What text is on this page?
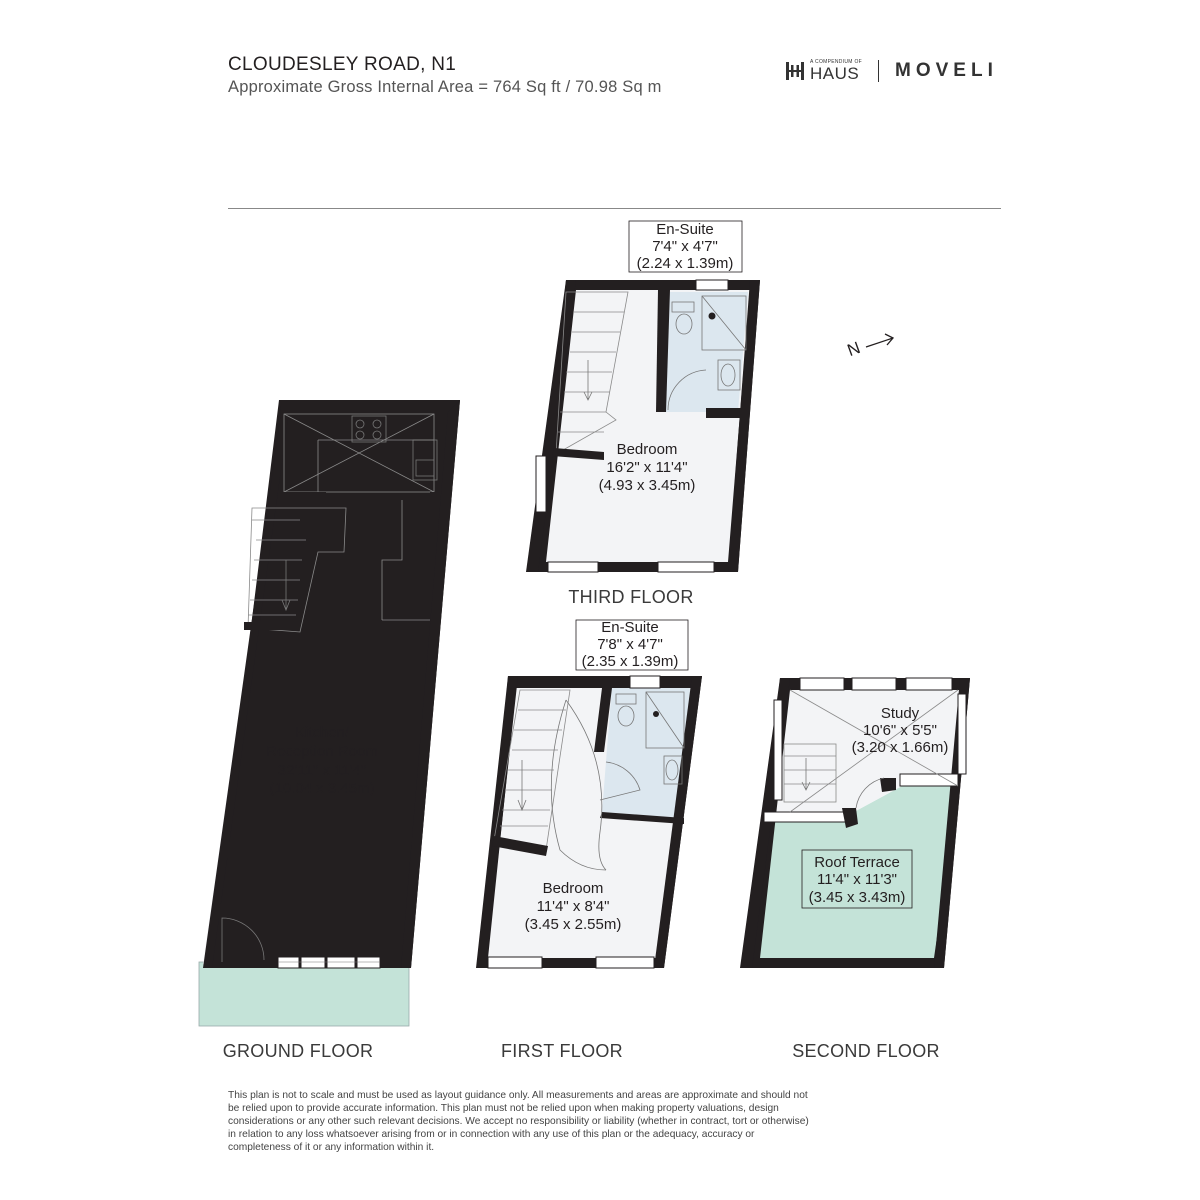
CLOUDESLEY ROAD, N1
Approximate Gross Internal Area = 764 Sq ft / 70.98 Sq m
A COMPENDIUM OF
HAUS MOVELI
Kitchen/
Reception Room
32'11" x 11'4"
(10.04 x 3.45m)
GROUND FLOOR
En-Suite
7'8" x 4'7"
(2.35 x 1.39m)
Bedroom
11'4" x 8'4"
(3.45 x 2.55m)
FIRST FLOOR
Study
10'6" x 5'5"
(3.20 x 1.66m)
Roof Terrace
11'4" x 11'3"
(3.45 x 3.43m)
SECOND FLOOR
En-Suite
7'4" x 4'7"
(2.24 x 1.39m)
Bedroom
16'2" x 11'4"
(4.93 x 3.45m)
THIRD FLOOR
N
This plan is not to scale and must be used as layout guidance only. All measurements and areas are approximate and should not be relied upon to provide accurate information. This plan must not be relied upon when making property valuations, design considerations or any other such relevant decisions. We accept no responsibility or liability (whether in contract, tort or otherwise) in relation to any loss whatsoever arising from or in connection with any use of this plan or the adequacy, accuracy or completeness of it or any information within it.
